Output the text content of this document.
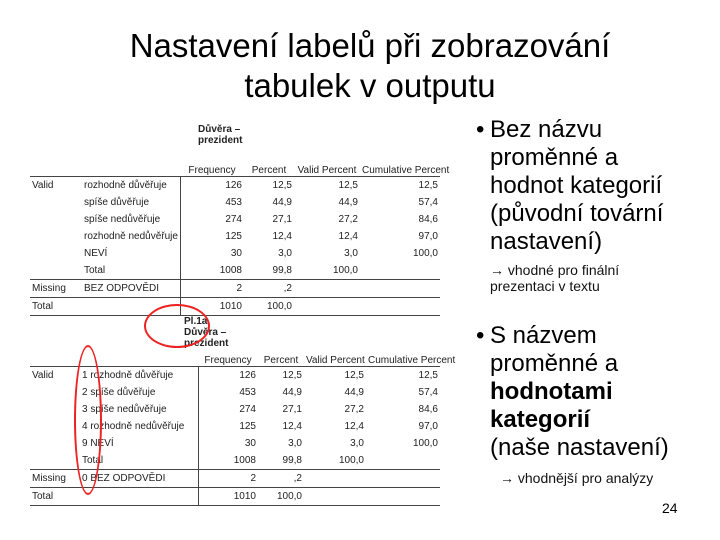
Nastavení labelů při zobrazování
tabulek v outputu
Důvěra – prezident
		Frequency	Percent	Valid Percent	Cumulative Percent
Valid	rozhodně důvěřuje	126	12,5	12,5	12,5
	spíše důvěřuje	453	44,9	44,9	57,4
	spíše nedůvěřuje	274	27,1	27,2	84,6
	rozhodně nedůvěřuje	125	12,4	12,4	97,0
	NEVÍ	30	3,0	3,0	100,0
	Total	1008	99,8	100,0	
Missing	BEZ ODPOVĚDI	2	,2		
Total		1010	100,0		
Pl.1a Důvěra – prezident
		Frequency	Percent	Valid Percent	Cumulative Percent
Valid	1 rozhodně důvěřuje	126	12,5	12,5	12,5
	2 spíše důvěřuje	453	44,9	44,9	57,4
	3 spíše nedůvěřuje	274	27,1	27,2	84,6
	4 rozhodně nedůvěřuje	125	12,4	12,4	97,0
	9 NEVÍ	30	3,0	3,0	100,0
	Total	1008	99,8	100,0	
Missing	0 BEZ ODPOVĚDI	2	,2		
Total		1010	100,0		
• Bez názvu
proměnné a
hodnot kategorií
(původní tovární
nastavení)
→ vhodné pro finální
prezentaci v textu
• S názvem
proměnné a
hodnotami
kategorií
(naše nastavení)
→ vhodnější pro analýzy
24
